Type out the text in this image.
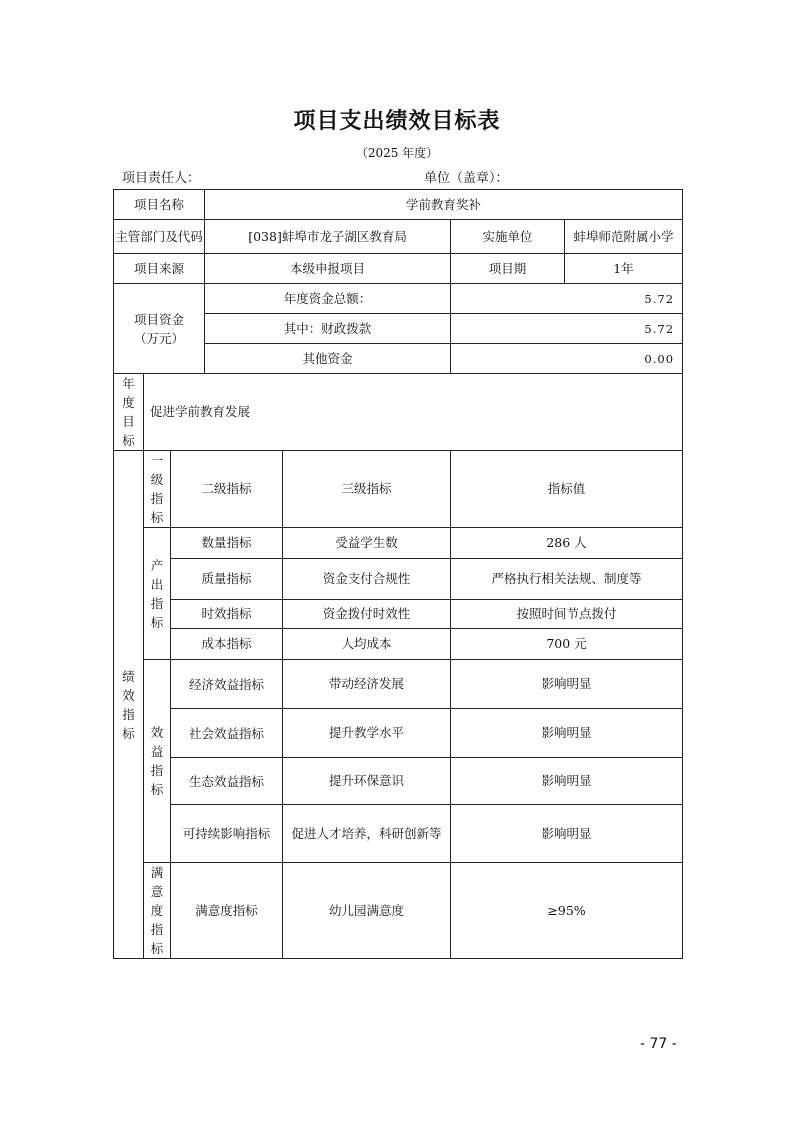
项目支出绩效目标表
（2025 年度）
项目责任人：	单位（盖章）：
项目名称			学前教育奖补			
主管部门及代码			[038]蚌埠市龙子湖区教育局		实施单位	蚌埠师范附属小学
项目来源			本级申报项目		项目期	1年
项目资金（万元）			年度资金总额：		5.72	
			其中：财政拨款		5.72	
			其他资金		0.00	
年度目标	促进学前教育发展					
绩效指标	一级指标	二级指标		三级指标	指标值	
	产出指标	数量指标		受益学生数	286 人	
		质量指标		资金支付合规性	严格执行相关法规、制度等	
		时效指标		资金拨付时效性	按照时间节点拨付	
		成本指标		人均成本	700 元	
	效益指标	经济效益指标		带动经济发展	影响明显	
		社会效益指标		提升教学水平	影响明显	
		生态效益指标		提升环保意识	影响明显	
		可持续影响指标		促进人才培养，科研创新等	影响明显	
	满意度指标	满意度指标		幼儿园满意度	≥95%	
- 77 -
